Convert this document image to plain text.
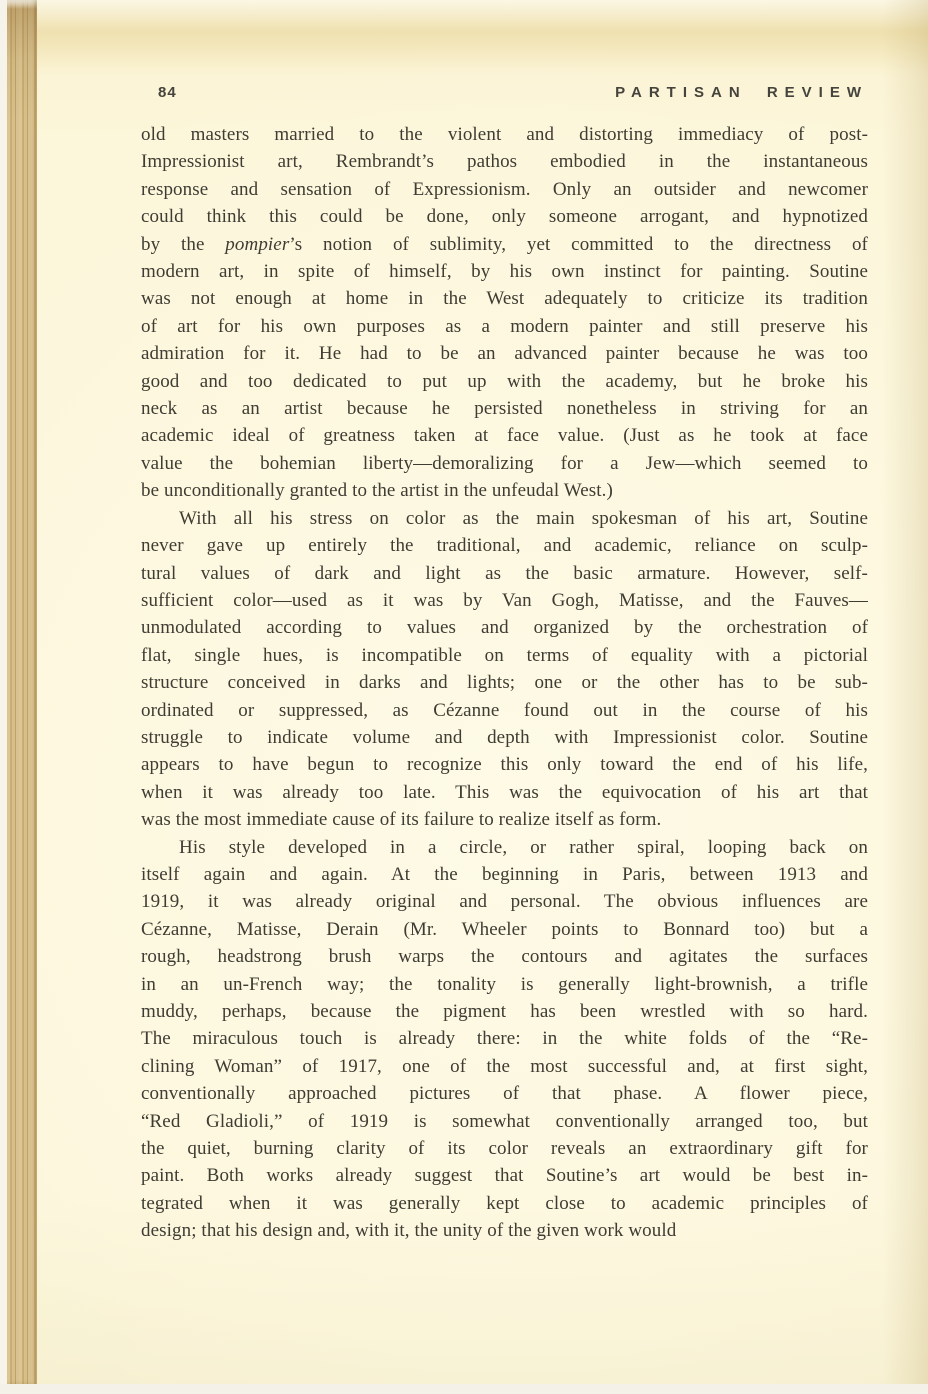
84	PARTISAN REVIEW
old masters married to the violent and distorting immediacy of post-
Impressionist art, Rembrandt’s pathos embodied in the instantaneous
response and sensation of Expressionism. Only an outsider and newcomer
could think this could be done, only someone arrogant, and hypnotized
by the pompier’s notion of sublimity, yet committed to the directness of
modern art, in spite of himself, by his own instinct for painting. Soutine
was not enough at home in the West adequately to criticize its tradition
of art for his own purposes as a modern painter and still preserve his
admiration for it. He had to be an advanced painter because he was too
good and too dedicated to put up with the academy, but he broke his
neck as an artist because he persisted nonetheless in striving for an
academic ideal of greatness taken at face value. (Just as he took at face
value the bohemian liberty—demoralizing for a Jew—which seemed to
be unconditionally granted to the artist in the unfeudal West.)
With all his stress on color as the main spokesman of his art, Soutine
never gave up entirely the traditional, and academic, reliance on sculp-
tural values of dark and light as the basic armature. However, self-
sufficient color—used as it was by Van Gogh, Matisse, and the Fauves—
unmodulated according to values and organized by the orchestration of
flat, single hues, is incompatible on terms of equality with a pictorial
structure conceived in darks and lights; one or the other has to be sub-
ordinated or suppressed, as Cézanne found out in the course of his
struggle to indicate volume and depth with Impressionist color. Soutine
appears to have begun to recognize this only toward the end of his life,
when it was already too late. This was the equivocation of his art that
was the most immediate cause of its failure to realize itself as form.
His style developed in a circle, or rather spiral, looping back on
itself again and again. At the beginning in Paris, between 1913 and
1919, it was already original and personal. The obvious influences are
Cézanne, Matisse, Derain (Mr. Wheeler points to Bonnard too) but a
rough, headstrong brush warps the contours and agitates the surfaces
in an un-French way; the tonality is generally light-brownish, a trifle
muddy, perhaps, because the pigment has been wrestled with so hard.
The miraculous touch is already there: in the white folds of the “Re-
clining Woman” of 1917, one of the most successful and, at first sight,
conventionally approached pictures of that phase. A flower piece,
“Red Gladioli,” of 1919 is somewhat conventionally arranged too, but
the quiet, burning clarity of its color reveals an extraordinary gift for
paint. Both works already suggest that Soutine’s art would be best in-
tegrated when it was generally kept close to academic principles of
design; that his design and, with it, the unity of the given work would
